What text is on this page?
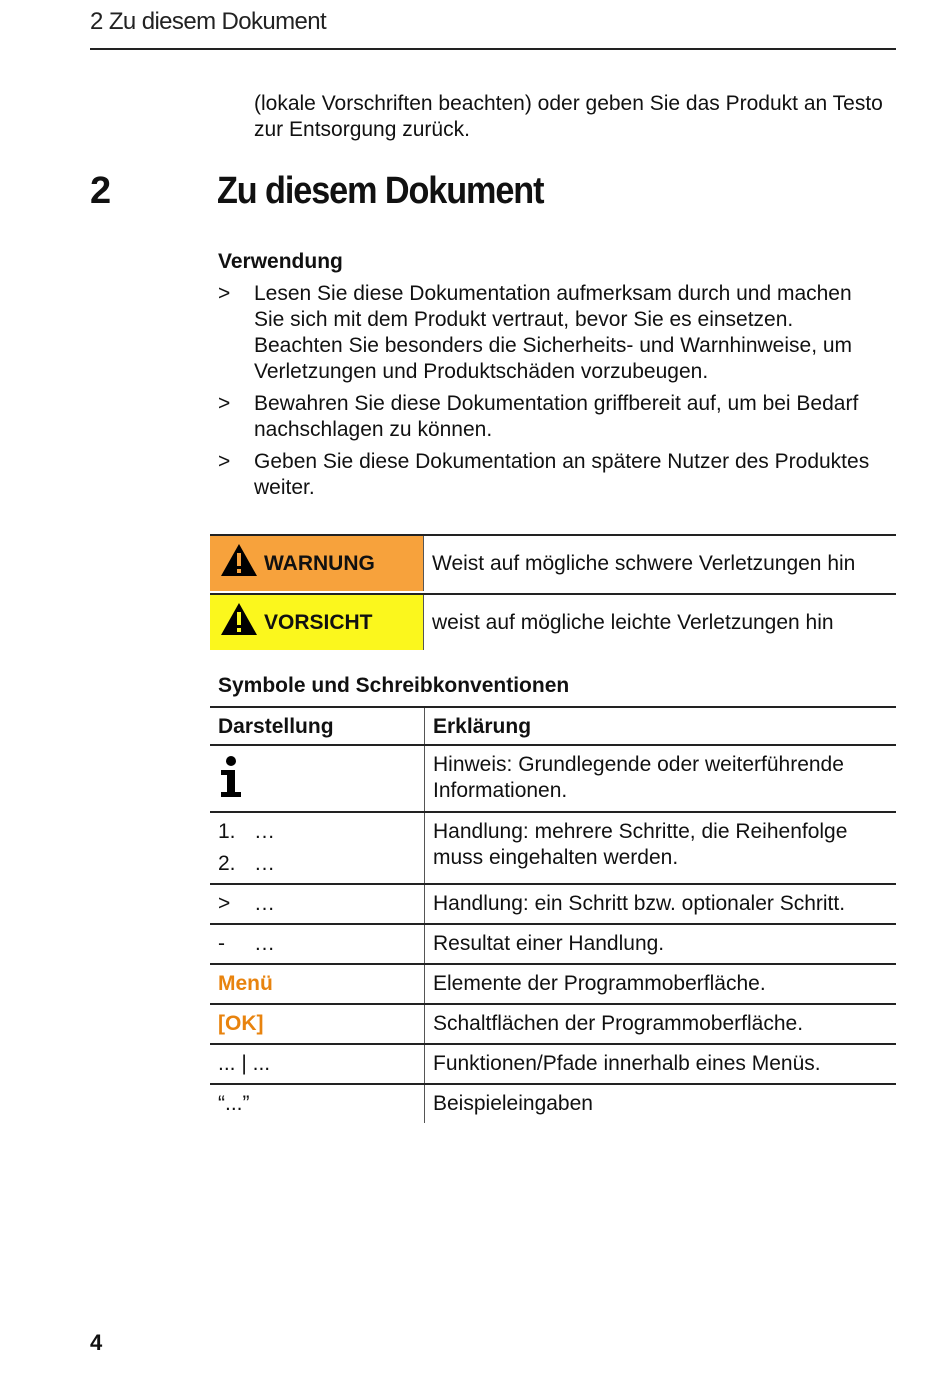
2 Zu diesem Dokument
(lokale Vorschriften beachten) oder geben Sie das Produkt an Testo zur Entsorgung zurück.
2	Zu diesem Dokument
Verwendung
>	Lesen Sie diese Dokumentation aufmerksam durch und machen Sie sich mit dem Produkt vertraut, bevor Sie es einsetzen. Beachten Sie besonders die Sicherheits- und Warnhinweise, um Verletzungen und Produktschäden vorzubeugen.
>	Bewahren Sie diese Dokumentation griffbereit auf, um bei Bedarf nachschlagen zu können.
>	Geben Sie diese Dokumentation an spätere Nutzer des Produktes weiter.
WARNUNG	Weist auf mögliche schwere Verletzungen hin
VORSICHT	weist auf mögliche leichte Verletzungen hin
Symbole und Schreibkonventionen
Darstellung	Erklärung
	Hinweis: Grundlegende oder weiterführende Informationen.

1. …
2. …	Handlung: mehrere Schritte, die Reihenfolge muss eingehalten werden.

> …	Handlung: ein Schritt bzw. optionaler Schritt.

- …	Resultat einer Handlung.
Menü	Elemente der Programmoberfläche.
[OK]	Schaltflächen der Programmoberfläche.
... | ...	Funktionen/Pfade innerhalb eines Menüs.
“...”	Beispieleingaben
4
